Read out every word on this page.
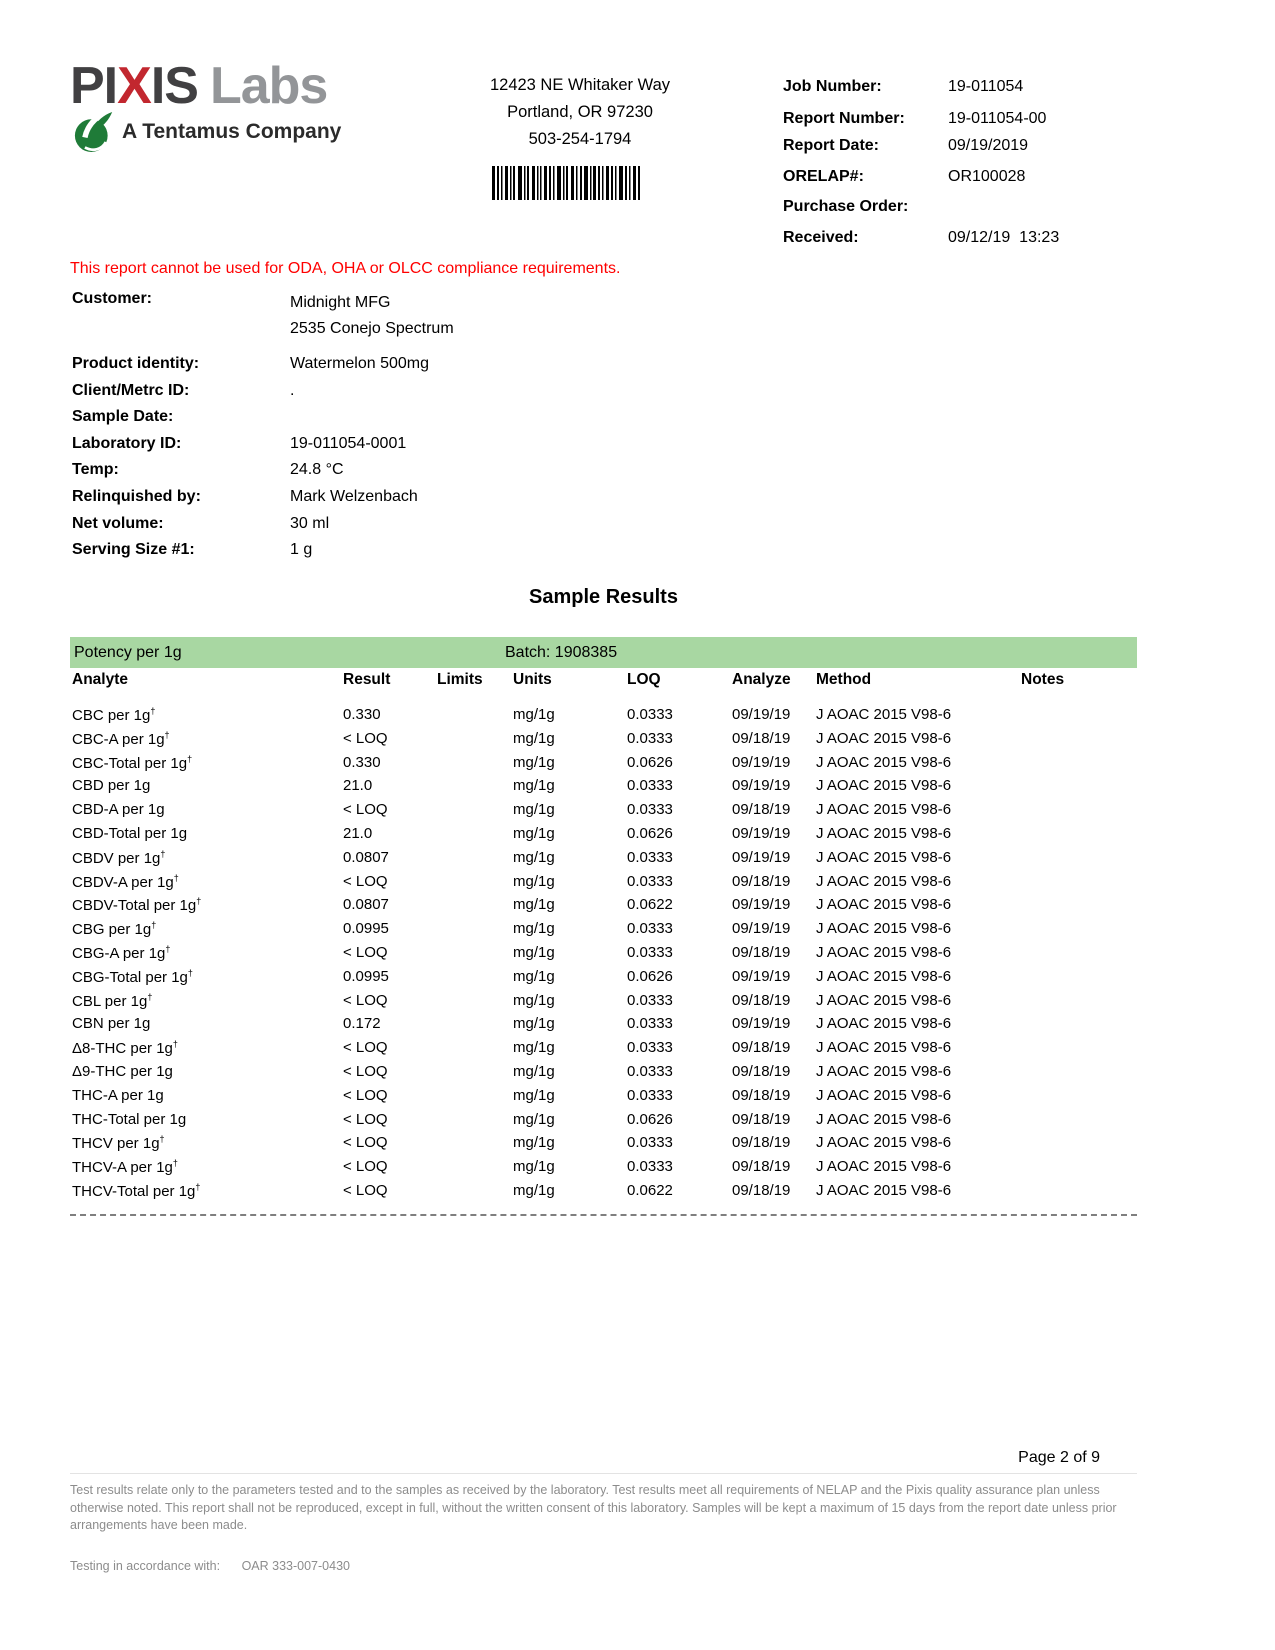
PIXIS Labs
A Tentamus Company
12423 NE Whitaker Way
Portland, OR 97230
503-254-1794
Job Number:	19-011054
Report Number:	19-011054-00
Report Date:	09/19/2019
ORELAP#:	OR100028
Purchase Order:
Received:	09/12/19  13:23
This report cannot be used for ODA, OHA or OLCC compliance requirements.
Customer:	Midnight MFG
2535 Conejo Spectrum
Product identity:	Watermelon 500mg
Client/Metrc ID:	.
Sample Date:
Laboratory ID:	19-011054-0001
Temp:	24.8 °C
Relinquished by:	Mark Welzenbach
Net volume:	30 ml
Serving Size #1:	1 g
Sample Results
Potency per 1g	Batch: 1908385
Analyte	Result	Limits Units	LOQ	Analyze Method	Notes
CBC per 1g†	0.330	mg/1g	0.0333	09/19/19 J AOAC 2015 V98-6
CBC-A per 1g†	< LOQ	mg/1g	0.0333	09/18/19 J AOAC 2015 V98-6
CBC-Total per 1g†	0.330	mg/1g	0.0626	09/19/19 J AOAC 2015 V98-6
CBD per 1g	21.0	mg/1g	0.0333	09/19/19 J AOAC 2015 V98-6
CBD-A per 1g	< LOQ	mg/1g	0.0333	09/18/19 J AOAC 2015 V98-6
CBD-Total per 1g	21.0	mg/1g	0.0626	09/19/19 J AOAC 2015 V98-6
CBDV per 1g†	0.0807	mg/1g	0.0333	09/19/19 J AOAC 2015 V98-6
CBDV-A per 1g†	< LOQ	mg/1g	0.0333	09/18/19 J AOAC 2015 V98-6
CBDV-Total per 1g†	0.0807	mg/1g	0.0622	09/19/19 J AOAC 2015 V98-6
CBG per 1g†	0.0995	mg/1g	0.0333	09/19/19 J AOAC 2015 V98-6
CBG-A per 1g†	< LOQ	mg/1g	0.0333	09/18/19 J AOAC 2015 V98-6
CBG-Total per 1g†	0.0995	mg/1g	0.0626	09/19/19 J AOAC 2015 V98-6
CBL per 1g†	< LOQ	mg/1g	0.0333	09/18/19 J AOAC 2015 V98-6
CBN per 1g	0.172	mg/1g	0.0333	09/19/19 J AOAC 2015 V98-6
Δ8-THC per 1g†	< LOQ	mg/1g	0.0333	09/18/19 J AOAC 2015 V98-6
Δ9-THC per 1g	< LOQ	mg/1g	0.0333	09/18/19 J AOAC 2015 V98-6
THC-A per 1g	< LOQ	mg/1g	0.0333	09/18/19 J AOAC 2015 V98-6
THC-Total per 1g	< LOQ	mg/1g	0.0626	09/18/19 J AOAC 2015 V98-6
THCV per 1g†	< LOQ	mg/1g	0.0333	09/18/19 J AOAC 2015 V98-6
THCV-A per 1g†	< LOQ	mg/1g	0.0333	09/18/19 J AOAC 2015 V98-6
THCV-Total per 1g†	< LOQ	mg/1g	0.0622	09/18/19 J AOAC 2015 V98-6
Page 2 of 9
Test results relate only to the parameters tested and to the samples as received by the laboratory. Test results meet all requirements of NELAP and the Pixis quality assurance plan unless
otherwise noted. This report shall not be reproduced, except in full, without the written consent of this laboratory. Samples will be kept a maximum of 15 days from the report date unless prior
arrangements have been made.
Testing in accordance with: OAR 333-007-0430
